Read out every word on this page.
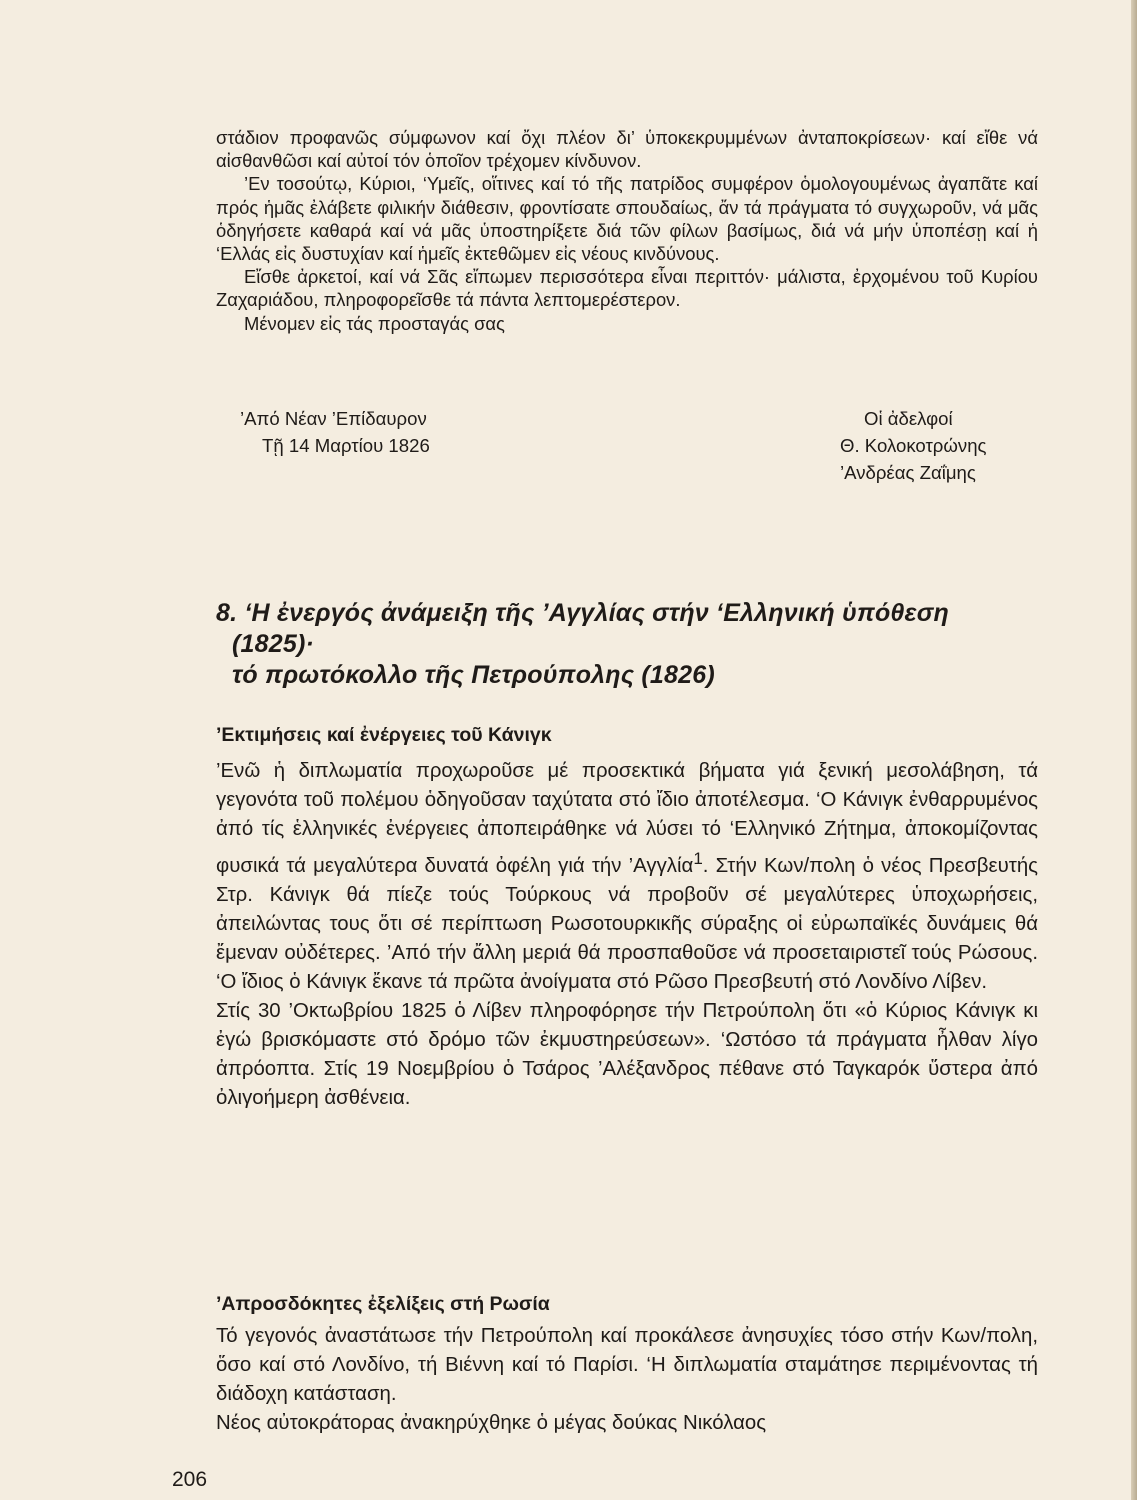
στάδιον προφανῶς σύμφωνον καί ὄχι πλέον δι’ ὑποκεκρυμμένων ἀνταποκρίσεων· καί εἴθε νά αἰσθανθῶσι καί αὐτοί τόν ὁποῖον τρέχομεν κίνδυνον.

’Εν τοσούτῳ, Κύριοι, ‘Υμεῖς, οἵτινες καί τό τῆς πατρίδος συμφέρον ὁμολογουμένως ἀγαπᾶτε καί πρός ἡμᾶς ἐλάβετε φιλικήν διάθεσιν, φροντίσατε σπουδαίως, ἄν τά πράγματα τό συγχωροῦν, νά μᾶς ὁδηγήσετε καθαρά καί νά μᾶς ὑποστηρίξετε διά τῶν φίλων βασίμως, διά νά μήν ὑποπέσῃ καί ἡ ‘Ελλάς εἰς δυστυχίαν καί ἡμεῖς ἐκτεθῶμεν εἰς νέους κινδύνους.

Εἴσθε ἀρκετοί, καί νά Σᾶς εἴπωμεν περισσότερα εἶναι περιττόν· μάλιστα, ἐρχομένου τοῦ Κυρίου Ζαχαριάδου, πληροφορεῖσθε τά πάντα λεπτομερέστερον.

Μένομεν εἰς τάς προσταγάς σας

’Από Νέαν ’Επίδαυρον
Τῇ 14 Μαρτίου 1826
Οἱ ἀδελφοί
Θ. Κολοκοτρώνης
’Ανδρέας Ζαΐμης
8. ‘Η ἐνεργός ἀνάμειξη τῆς ’Αγγλίας στήν ‘Ελληνική ὑπόθεση
(1825)·
τό πρωτόκολλο τῆς Πετρούπολης (1826)
’Εκτιμήσεις καί ἐνέργειες τοῦ Κάνιγκ

’Ενῶ ἡ διπλωματία προχωροῦσε μέ προσεκτικά βήματα γιά ξενική μεσολάβηση, τά γεγονότα τοῦ πολέμου ὁδηγοῦσαν ταχύτατα στό ἴδιο ἀποτέλεσμα. ‘Ο Κάνιγκ ἐνθαρρυμένος ἀπό τίς ἑλληνικές ἐνέργειες ἀποπειράθηκε νά λύσει τό ‘Ελληνικό Ζήτημα, ἀποκομίζοντας φυσικά τά μεγαλύτερα δυνατά ὀφέλη γιά τήν ’Αγγλία$^1$. Στήν Κων/πολη ὁ νέος Πρεσβευτής Στρ. Κάνιγκ θά πίεζε τούς Τούρκους νά προβοῦν σέ μεγαλύτερες ὑποχωρήσεις, ἀπειλώντας τους ὅτι σέ περίπτωση Ρωσοτουρκικῆς σύραξης οἱ εὐρωπαϊκές δυνάμεις θά ἔμεναν οὐδέτερες. ’Από τήν ἄλλη μεριά θά προσπαθοῦσε νά προσεταιριστεῖ τούς Ρώσους. ‘Ο ἴδιος ὁ Κάνιγκ ἔκανε τά πρῶτα ἀνοίγματα στό Ρῶσο Πρεσβευτή στό Λονδίνο Λίβεν.

Στίς 30 ’Οκτωβρίου 1825 ὁ Λίβεν πληροφόρησε τήν Πετρούπολη ὅτι «ὁ Κύριος Κάνιγκ κι ἐγώ βρισκόμαστε στό δρόμο τῶν ἐκμυστηρεύσεων». ‘Ωστόσο τά πράγματα ἦλθαν λίγο ἀπρόοπτα. Στίς 19 Νοεμβρίου ὁ Τσάρος ’Αλέξανδρος πέθανε στό Ταγκαρόκ ὕστερα ἀπό ὀλιγοήμερη ἀσθένεια.

’Απροσδόκητες ἐξελίξεις στή Ρωσία

Τό γεγονός ἀναστάτωσε τήν Πετρούπολη καί προκάλεσε ἀνησυχίες τόσο στήν Κων/πολη, ὅσο καί στό Λονδίνο, τή Βιέννη καί τό Παρίσι. ‘Η διπλωματία σταμάτησε περιμένοντας τή διάδοχη κατάσταση.

Νέος αὐτοκράτορας ἀνακηρύχθηκε ὁ μέγας δούκας Νικόλαος

206
